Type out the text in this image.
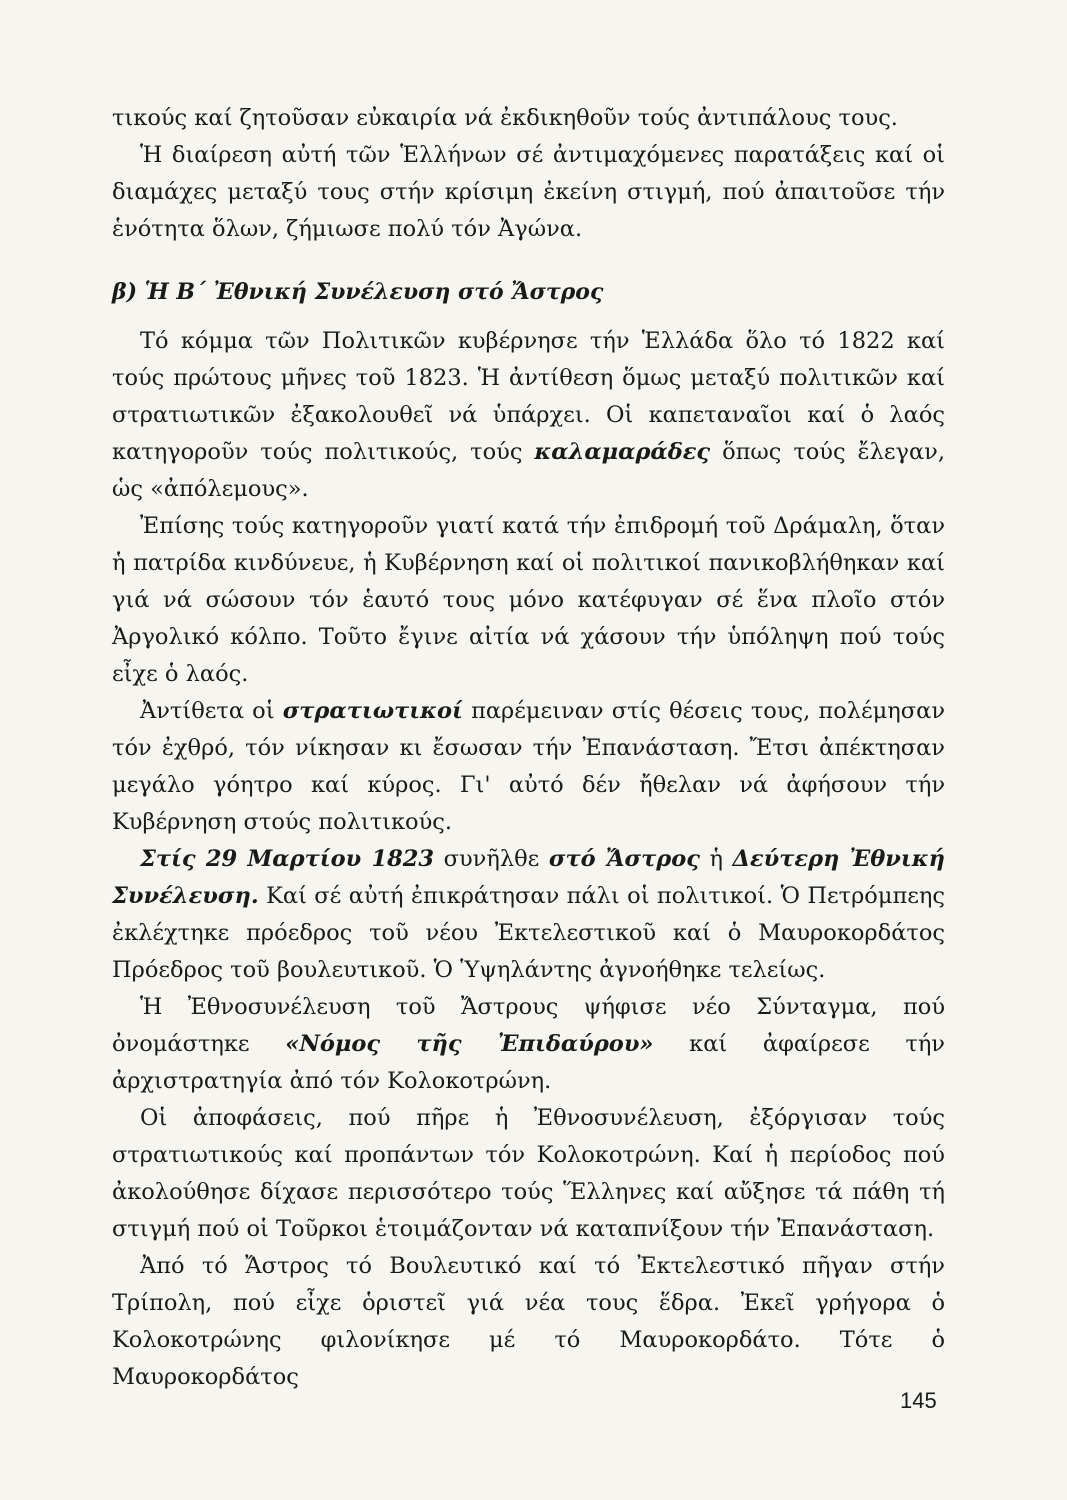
τικούς καί ζητοῦσαν εὐκαιρία νά ἐκδικηθοῦν τούς ἀντιπάλους τους.

Ἡ διαίρεση αὐτή τῶν Ἑλλήνων σέ ἀντιμαχόμενες παρατάξεις καί οἱ διαμάχες μεταξύ τους στήν κρίσιμη ἐκείνη στιγμή, πού ἀπαιτοῦσε τήν ἑνότητα ὅλων, ζήμιωσε πολύ τόν Ἀγώνα.

β) Ἡ Β΄ Ἐθνική Συνέλευση στό Ἄστρος

Τό κόμμα τῶν Πολιτικῶν κυβέρνησε τήν Ἑλλάδα ὅλο τό 1822 καί τούς πρώτους μῆνες τοῦ 1823. Ἡ ἀντίθεση ὅμως μεταξύ πολιτικῶν καί στρατιωτικῶν ἐξακολουθεῖ νά ὑπάρχει. Οἱ καπεταναῖοι καί ὁ λαός κατηγοροῦν τούς πολιτικούς, τούς καλαμαράδες ὅπως τούς ἔλεγαν, ὡς «ἀπόλεμους».

Ἐπίσης τούς κατηγοροῦν γιατί κατά τήν ἐπιδρομή τοῦ Δράμαλη, ὅταν ἡ πατρίδα κινδύνευε, ἡ Κυβέρνηση καί οἱ πολιτικοί πανικοβλήθηκαν καί γιά νά σώσουν τόν ἑαυτό τους μόνο κατέφυγαν σέ ἕνα πλοῖο στόν Ἀργολικό κόλπο. Τοῦτο ἔγινε αἰτία νά χάσουν τήν ὑπόληψη πού τούς εἶχε ὁ λαός.

Ἀντίθετα οἱ στρατιωτικοί παρέμειναν στίς θέσεις τους, πολέμησαν τόν ἐχθρό, τόν νίκησαν κι ἔσωσαν τήν Ἐπανάσταση. Ἔτσι ἀπέκτησαν μεγάλο γόητρο καί κύρος. Γι' αὐτό δέν ἤθελαν νά ἀφήσουν τήν Κυβέρνηση στούς πολιτικούς.

Στίς 29 Μαρτίου 1823 συνῆλθε στό Ἄστρος ἡ Δεύτερη Ἐθνική Συνέλευση. Καί σέ αὐτή ἐπικράτησαν πάλι οἱ πολιτικοί. Ὁ Πετρόμπεης ἐκλέχτηκε πρόεδρος τοῦ νέου Ἐκτελεστικοῦ καί ὁ Μαυροκορδάτος Πρόεδρος τοῦ βουλευτικοῦ. Ὁ Ὑψηλάντης ἀγνοήθηκε τελείως.

Ἡ Ἐθνοσυνέλευση τοῦ Ἄστρους ψήφισε νέο Σύνταγμα, πού ὀνομάστηκε «Νόμος τῆς Ἐπιδαύρου» καί ἀφαίρεσε τήν ἀρχιστρατηγία ἀπό τόν Κολοκοτρώνη.

Οἱ ἀποφάσεις, πού πῆρε ἡ Ἐθνοσυνέλευση, ἐξόργισαν τούς στρατιωτικούς καί προπάντων τόν Κολοκοτρώνη. Καί ἡ περίοδος πού ἀκολούθησε δίχασε περισσότερο τούς Ἕλληνες καί αὔξησε τά πάθη τή στιγμή πού οἱ Τοῦρκοι ἑτοιμάζονταν νά καταπνίξουν τήν Ἐπανάσταση.

Ἀπό τό Ἄστρος τό Βουλευτικό καί τό Ἐκτελεστικό πῆγαν στήν Τρίπολη, πού εἶχε ὁριστεῖ γιά νέα τους ἕδρα. Ἐκεῖ γρήγορα ὁ Κολοκοτρώνης φιλονίκησε μέ τό Μαυροκορδάτο. Τότε ὁ Μαυροκορδάτος

145
